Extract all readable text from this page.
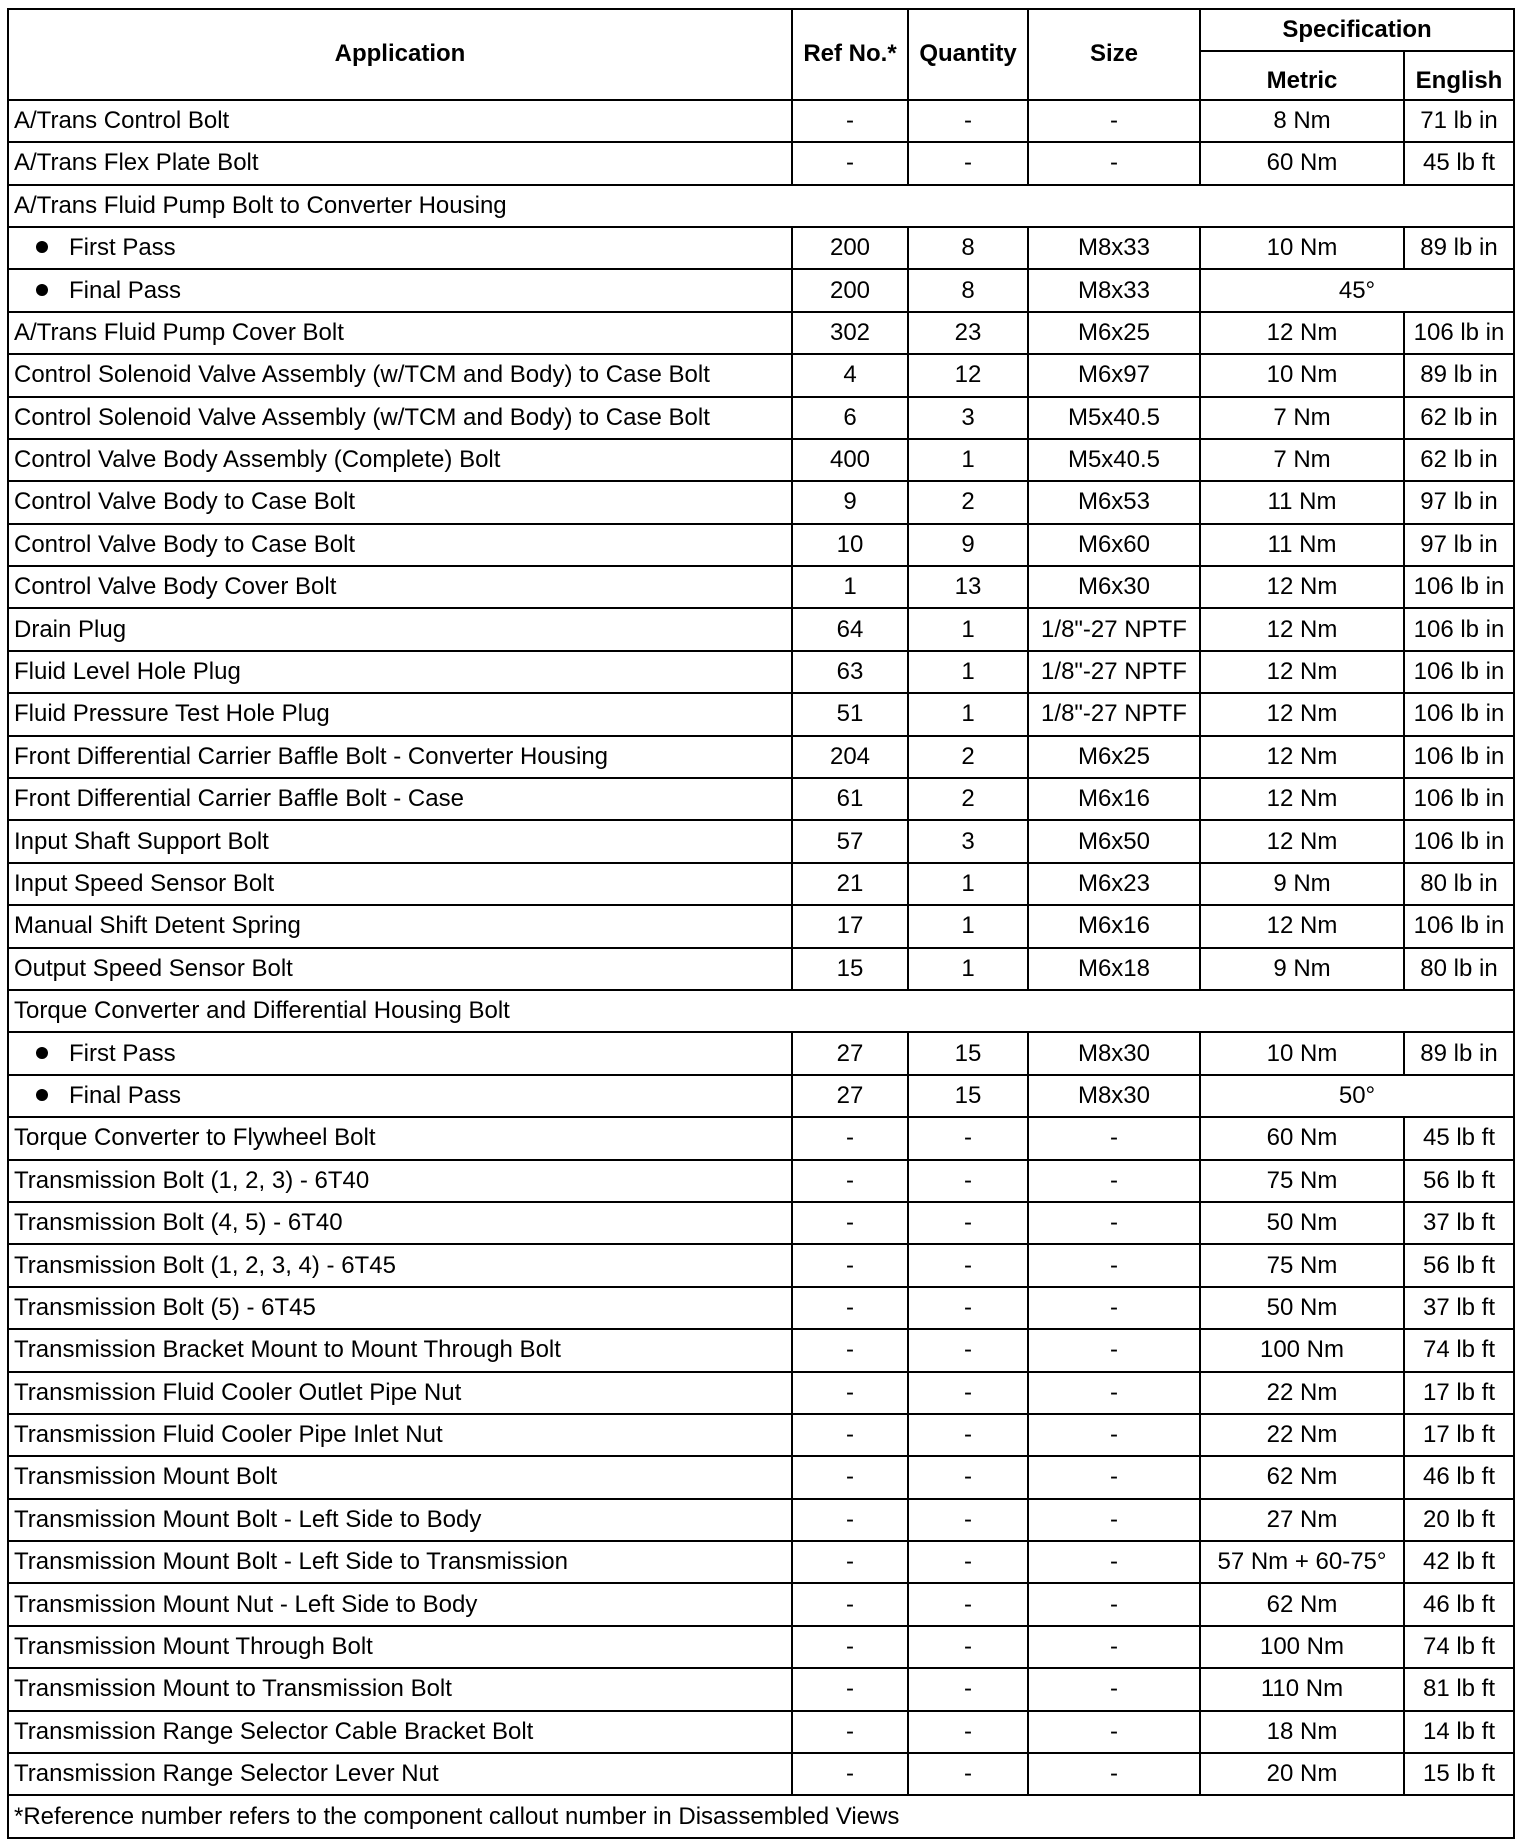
Application	Ref No.*	Quantity	Size	Specification	
				Metric	English
A/Trans Control Bolt	-	-	-	8 Nm	71 lb in
A/Trans Flex Plate Bolt	-	-	-	60 Nm	45 lb ft
A/Trans Fluid Pump Bolt to Converter Housing					
First Pass	200	8	M8x33	10 Nm	89 lb in
Final Pass	200	8	M8x33	45°	
A/Trans Fluid Pump Cover Bolt	302	23	M6x25	12 Nm	106 lb in
Control Solenoid Valve Assembly (w/TCM and Body) to Case Bolt	4	12	M6x97	10 Nm	89 lb in
Control Solenoid Valve Assembly (w/TCM and Body) to Case Bolt	6	3	M5x40.5	7 Nm	62 lb in
Control Valve Body Assembly (Complete) Bolt	400	1	M5x40.5	7 Nm	62 lb in
Control Valve Body to Case Bolt	9	2	M6x53	11 Nm	97 lb in
Control Valve Body to Case Bolt	10	9	M6x60	11 Nm	97 lb in
Control Valve Body Cover Bolt	1	13	M6x30	12 Nm	106 lb in
Drain Plug	64	1	1/8"-27 NPTF	12 Nm	106 lb in
Fluid Level Hole Plug	63	1	1/8"-27 NPTF	12 Nm	106 lb in
Fluid Pressure Test Hole Plug	51	1	1/8"-27 NPTF	12 Nm	106 lb in
Front Differential Carrier Baffle Bolt - Converter Housing	204	2	M6x25	12 Nm	106 lb in
Front Differential Carrier Baffle Bolt - Case	61	2	M6x16	12 Nm	106 lb in
Input Shaft Support Bolt	57	3	M6x50	12 Nm	106 lb in
Input Speed Sensor Bolt	21	1	M6x23	9 Nm	80 lb in
Manual Shift Detent Spring	17	1	M6x16	12 Nm	106 lb in
Output Speed Sensor Bolt	15	1	M6x18	9 Nm	80 lb in
Torque Converter and Differential Housing Bolt					
First Pass	27	15	M8x30	10 Nm	89 lb in
Final Pass	27	15	M8x30	50°	
Torque Converter to Flywheel Bolt	-	-	-	60 Nm	45 lb ft
Transmission Bolt (1, 2, 3) - 6T40	-	-	-	75 Nm	56 lb ft
Transmission Bolt (4, 5) - 6T40	-	-	-	50 Nm	37 lb ft
Transmission Bolt (1, 2, 3, 4) - 6T45	-	-	-	75 Nm	56 lb ft
Transmission Bolt (5) - 6T45	-	-	-	50 Nm	37 lb ft
Transmission Bracket Mount to Mount Through Bolt	-	-	-	100 Nm	74 lb ft
Transmission Fluid Cooler Outlet Pipe Nut	-	-	-	22 Nm	17 lb ft
Transmission Fluid Cooler Pipe Inlet Nut	-	-	-	22 Nm	17 lb ft
Transmission Mount Bolt	-	-	-	62 Nm	46 lb ft
Transmission Mount Bolt - Left Side to Body	-	-	-	27 Nm	20 lb ft
Transmission Mount Bolt - Left Side to Transmission	-	-	-	57 Nm + 60-75°	42 lb ft
Transmission Mount Nut - Left Side to Body	-	-	-	62 Nm	46 lb ft
Transmission Mount Through Bolt	-	-	-	100 Nm	74 lb ft
Transmission Mount to Transmission Bolt	-	-	-	110 Nm	81 lb ft
Transmission Range Selector Cable Bracket Bolt	-	-	-	18 Nm	14 lb ft
Transmission Range Selector Lever Nut	-	-	-	20 Nm	15 lb ft
*Reference number refers to the component callout number in Disassembled Views					
